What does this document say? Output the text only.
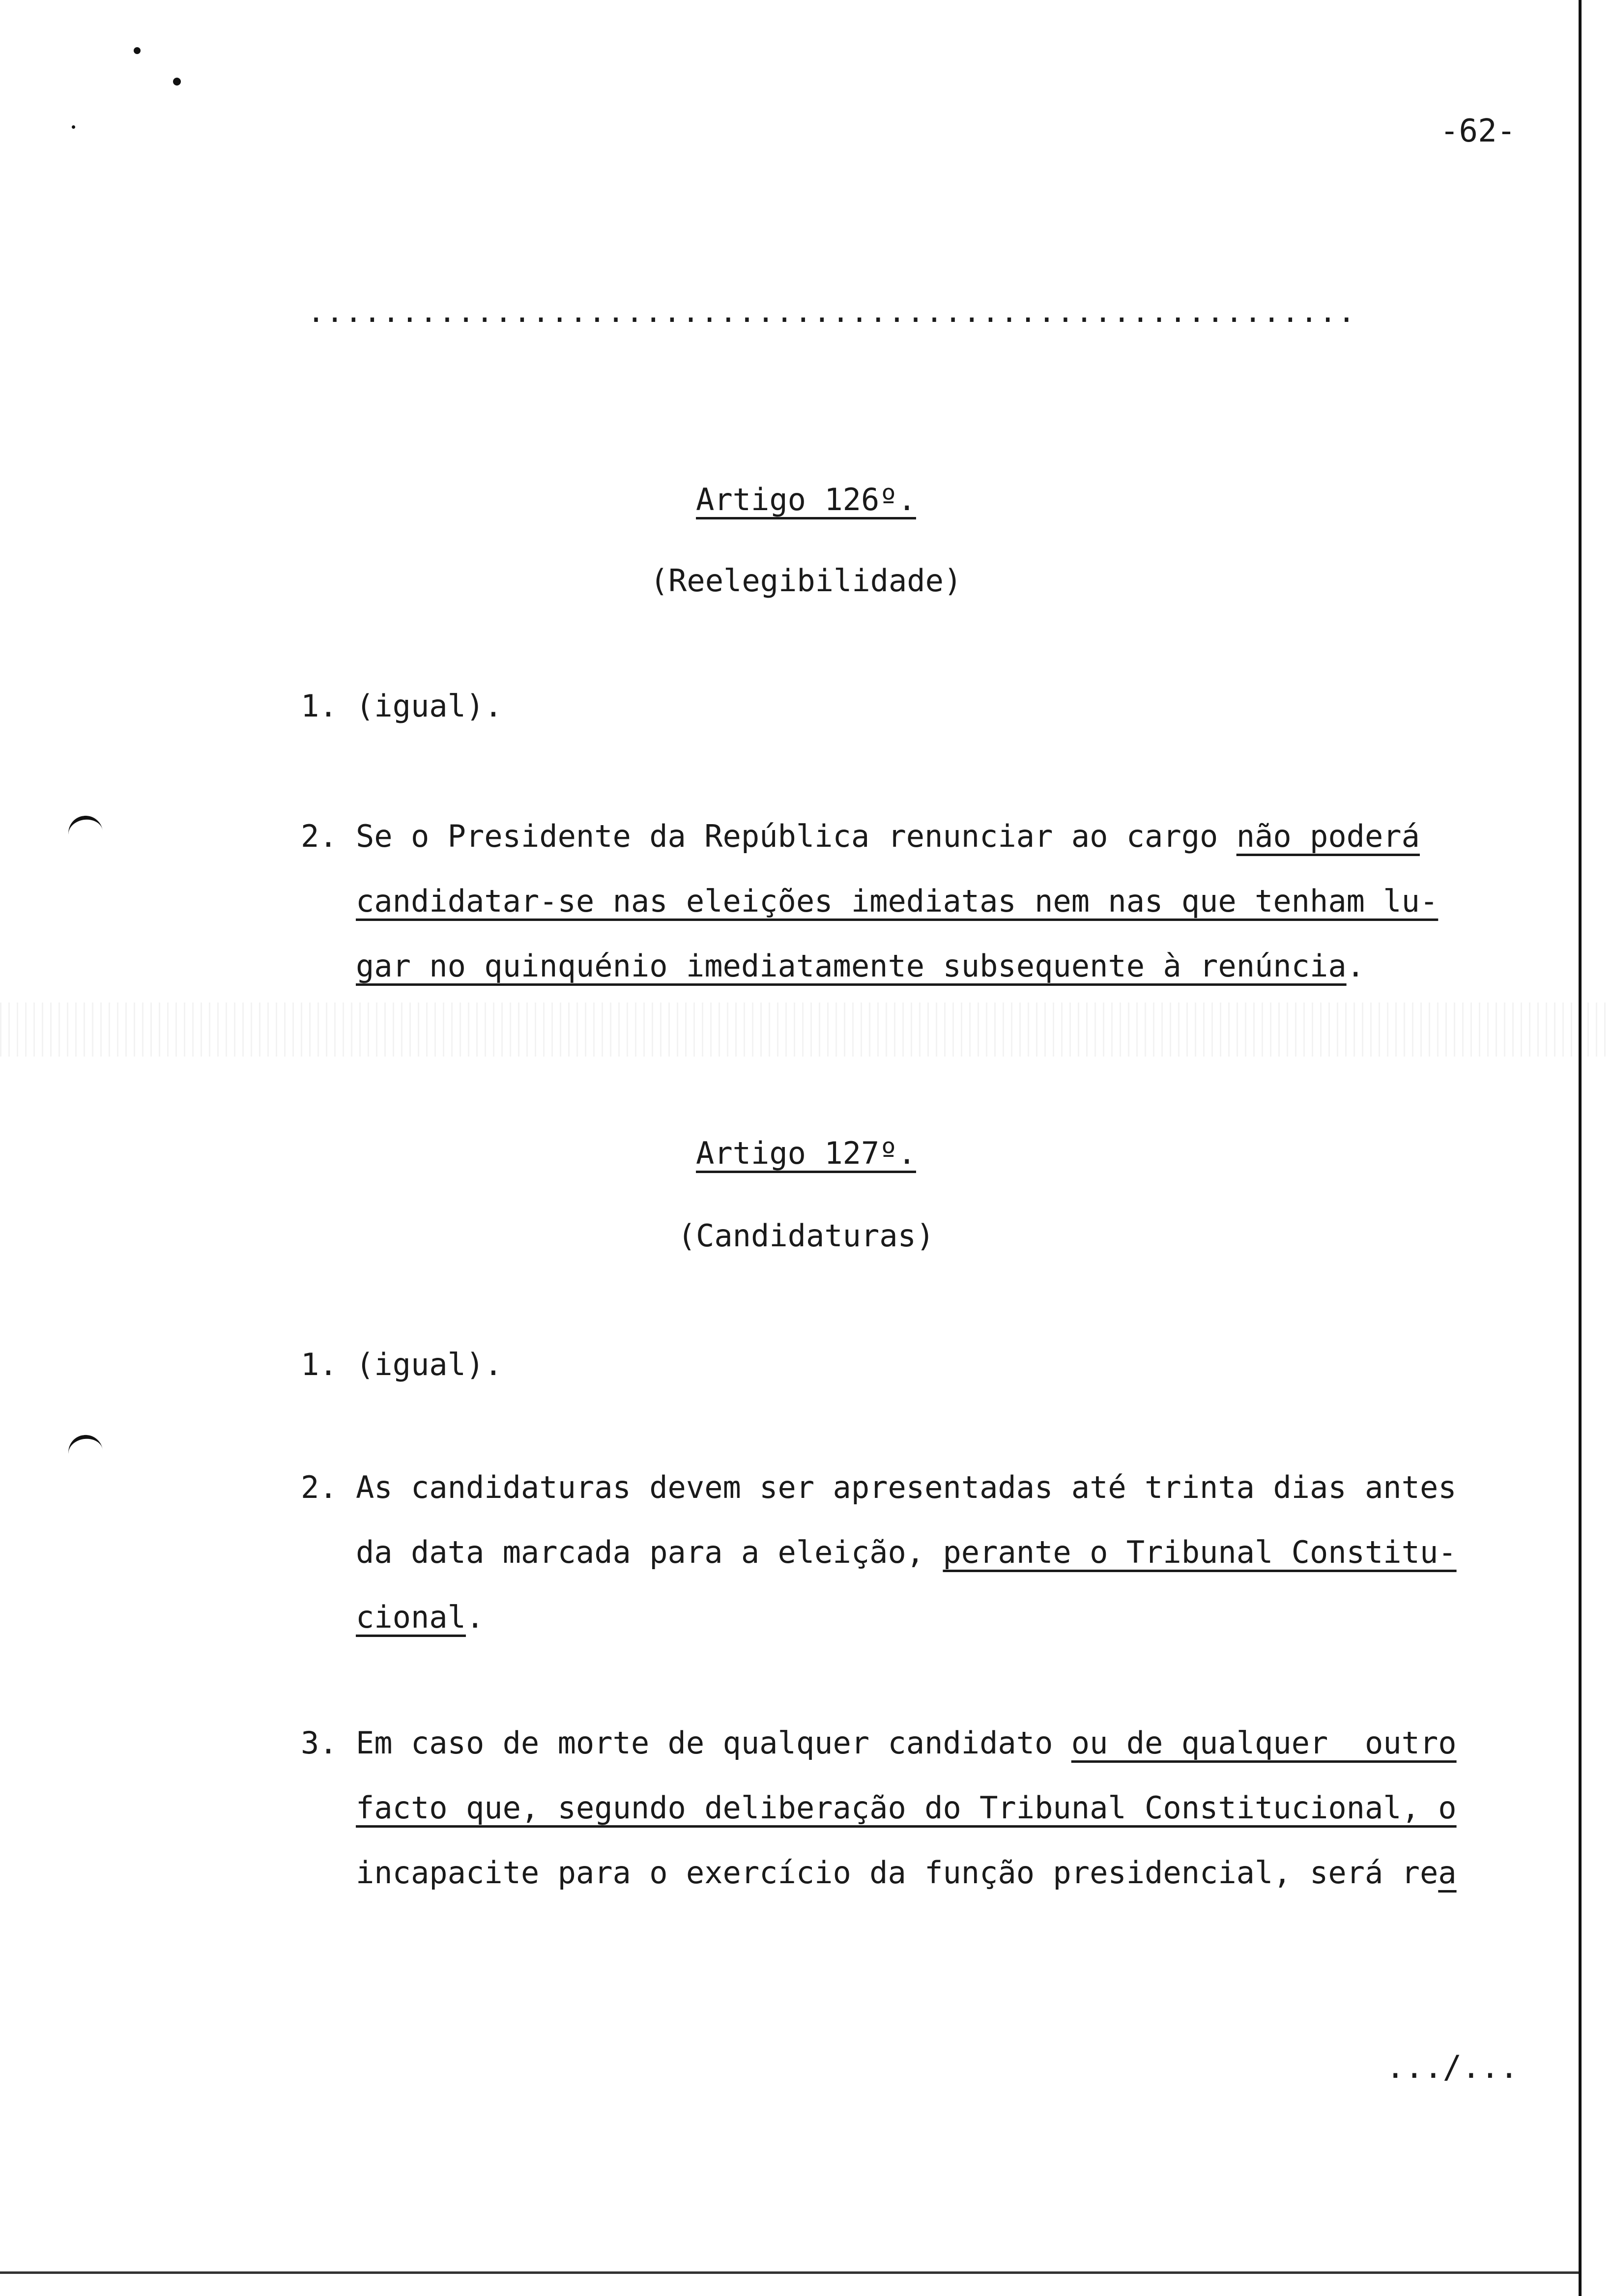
-62-
........................................................
Artigo 126º.
(Reelegibilidade)
1. (igual).
2. Se o Presidente da República renunciar ao cargo não poderá
candidatar-se nas eleições imediatas nem nas que tenham lu-
gar no quinquénio imediatamente subsequente à renúncia.
Artigo 127º.
(Candidaturas)
1. (igual).
2. As candidaturas devem ser apresentadas até trinta dias antes
da data marcada para a eleição, perante o Tribunal Constitu-
cional.
3. Em caso de morte de qualquer candidato ou de qualquer  outro
facto que, segundo deliberação do Tribunal Constitucional, o
incapacite para o exercício da função presidencial, será rea
.../...
